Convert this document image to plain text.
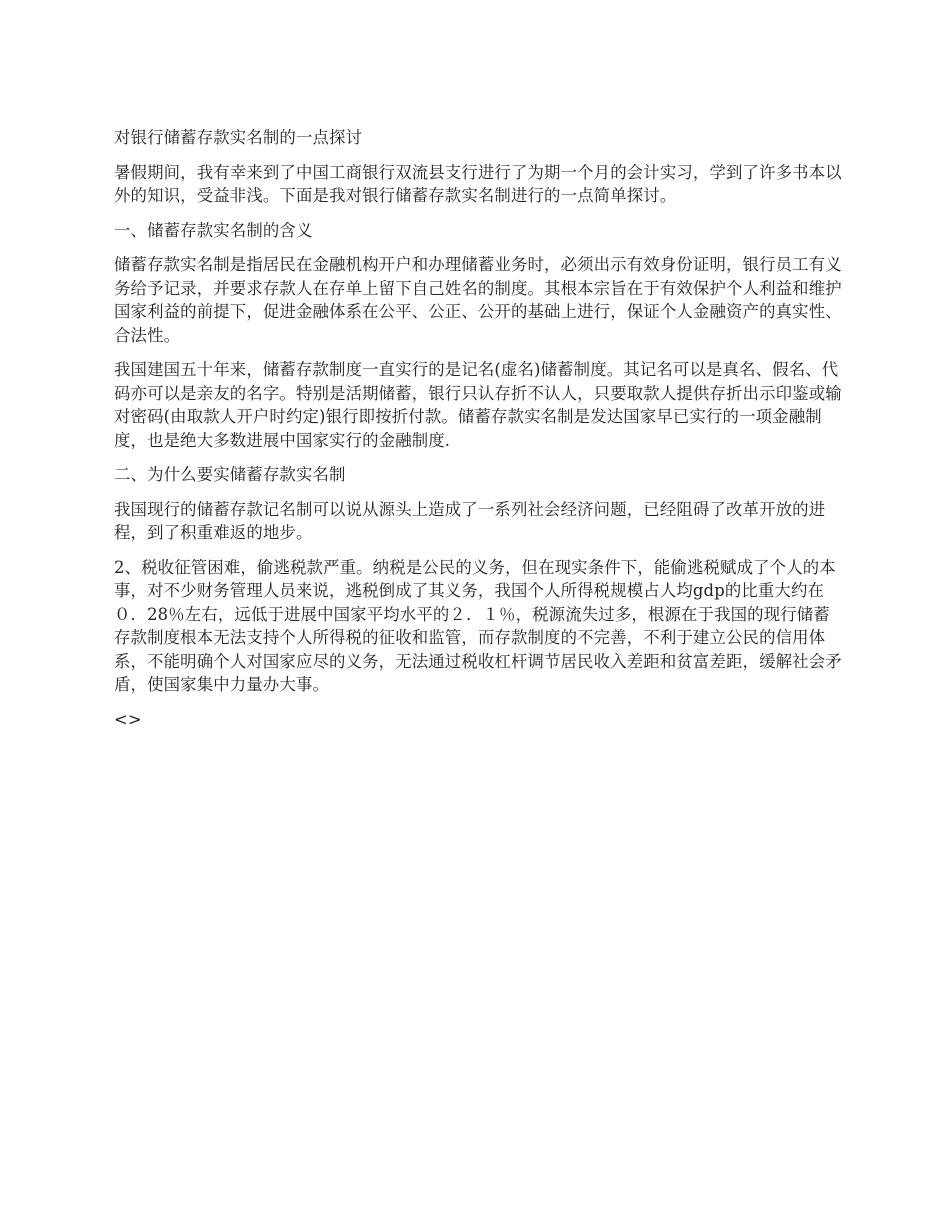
对银行储蓄存款实名制的一点探讨

暑假期间，我有幸来到了中国工商银行双流县支行进行了为期一个月的会计实习，学到了许多书本以外的知识，受益非浅。下面是我对银行储蓄存款实名制进行的一点简单探讨。

一、储蓄存款实名制的含义

储蓄存款实名制是指居民在金融机构开户和办理储蓄业务时，必须出示有效身份证明，银行员工有义务给予记录，并要求存款人在存单上留下自己姓名的制度。其根本宗旨在于有效保护个人利益和维护国家利益的前提下，促进金融体系在公平、公正、公开的基础上进行，保证个人金融资产的真实性、合法性。

我国建国五十年来，储蓄存款制度一直实行的是记名(虚名)储蓄制度。其记名可以是真名、假名、代码亦可以是亲友的名字。特别是活期储蓄，银行只认存折不认人，只要取款人提供存折出示印鉴或输对密码(由取款人开户时约定)银行即按折付款。储蓄存款实名制是发达国家早已实行的一项金融制度，也是绝大多数进展中国家实行的金融制度.

二、为什么要实储蓄存款实名制

我国现行的储蓄存款记名制可以说从源头上造成了一系列社会经济问题，已经阻碍了改革开放的进程，到了积重难返的地步。

2、税收征管困难，偷逃税款严重。纳税是公民的义务，但在现实条件下，能偷逃税赋成了个人的本事，对不少财务管理人员来说，逃税倒成了其义务，我国个人所得税规模占人均gdp的比重大约在０．28％左右，远低于进展中国家平均水平的２．１％，税源流失过多，根源在于我国的现行储蓄存款制度根本无法支持个人所得税的征收和监管，而存款制度的不完善，不利于建立公民的信用体系，不能明确个人对国家应尽的义务，无法通过税收杠杆调节居民收入差距和贫富差距，缓解社会矛盾，使国家集中力量办大事。

<>
